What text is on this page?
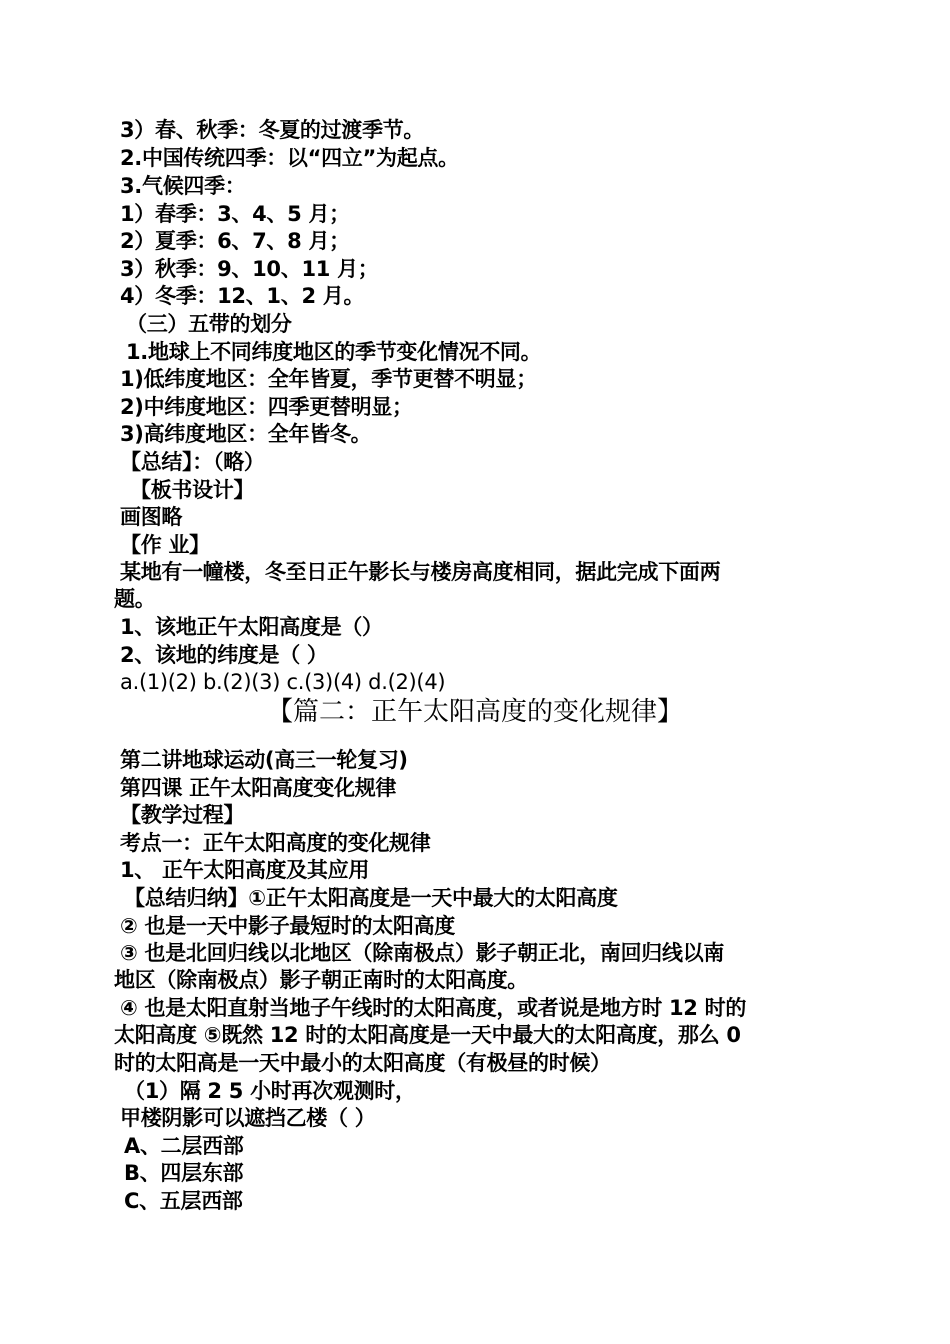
3）春、秋季：冬夏的过渡季节。
2.中国传统四季：以“四立”为起点。
3.气候四季：
1）春季：3、4、5 月；
2）夏季：6、7、8 月；
3）秋季：9、10、11 月；
4）冬季：12、1、2 月。
（三）五带的划分
1.地球上不同纬度地区的季节变化情况不同。
1)低纬度地区：全年皆夏，季节更替不明显；
2)中纬度地区：四季更替明显；
3)高纬度地区：全年皆冬。
【总结】：（略）
【板书设计】
画图略
【作 业】
某地有一幢楼，冬至日正午影长与楼房高度相同，据此完成下面两
题。
1、该地正午太阳高度是（）
2、该地的纬度是（ ）
a.(1)(2) b.(2)(3) c.(3)(4) d.(2)(4)
【篇二：正午太阳高度的变化规律】
第二讲地球运动(高三一轮复习)
第四课 正午太阳高度变化规律
【教学过程】
考点一：正午太阳高度的变化规律
1、 正午太阳高度及其应用
【总结归纳】①正午太阳高度是一天中最大的太阳高度
② 也是一天中影子最短时的太阳高度
③ 也是北回归线以北地区（除南极点）影子朝正北，南回归线以南
地区（除南极点）影子朝正南时的太阳高度。
④ 也是太阳直射当地子午线时的太阳高度，或者说是地方时 12 时的
太阳高度 ⑤既然 12 时的太阳高度是一天中最大的太阳高度，那么 0
时的太阳高是一天中最小的太阳高度（有极昼的时候）
（1）隔 2 5 小时再次观测时，
甲楼阴影可以遮挡乙楼（ ）
A、二层西部
B、四层东部
C、五层西部
